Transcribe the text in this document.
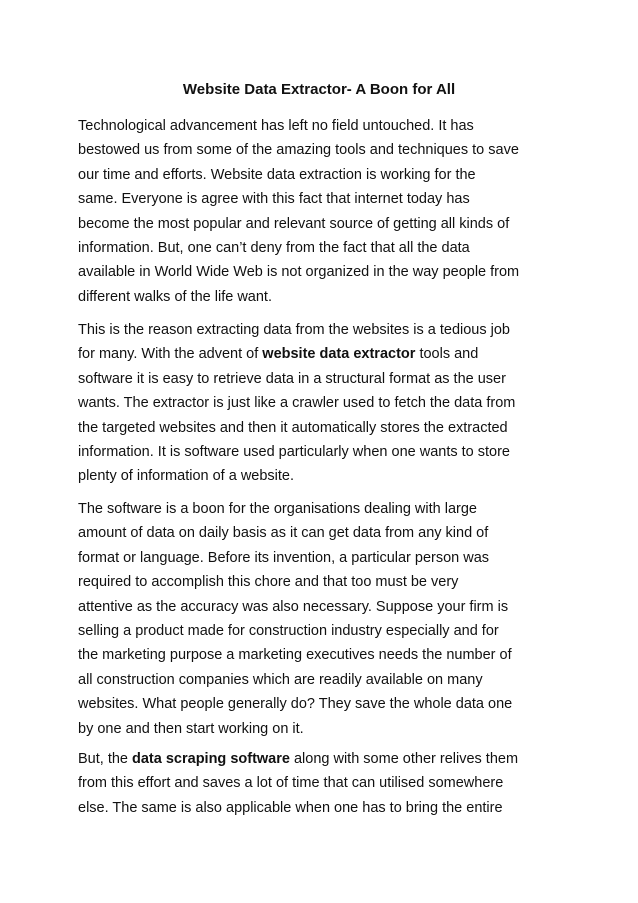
Website Data Extractor- A Boon for All
Technological advancement has left no field untouched. It has
bestowed us from some of the amazing tools and techniques to save
our time and efforts. Website data extraction is working for the
same. Everyone is agree with this fact that internet today has
become the most popular and relevant source of getting all kinds of
information. But, one can’t deny from the fact that all the data
available in World Wide Web is not organized in the way people from
different walks of the life want.
This is the reason extracting data from the websites is a tedious job
for many. With the advent of website data extractor tools and
software it is easy to retrieve data in a structural format as the user
wants. The extractor is just like a crawler used to fetch the data from
the targeted websites and then it automatically stores the extracted
information. It is software used particularly when one wants to store
plenty of information of a website.
The software is a boon for the organisations dealing with large
amount of data on daily basis as it can get data from any kind of
format or language. Before its invention, a particular person was
required to accomplish this chore and that too must be very
attentive as the accuracy was also necessary. Suppose your firm is
selling a product made for construction industry especially and for
the marketing purpose a marketing executives needs the number of
all construction companies which are readily available on many
websites. What people generally do? They save the whole data one
by one and then start working on it.
But, the data scraping software along with some other relives them
from this effort and saves a lot of time that can utilised somewhere
else. The same is also applicable when one has to bring the entire
